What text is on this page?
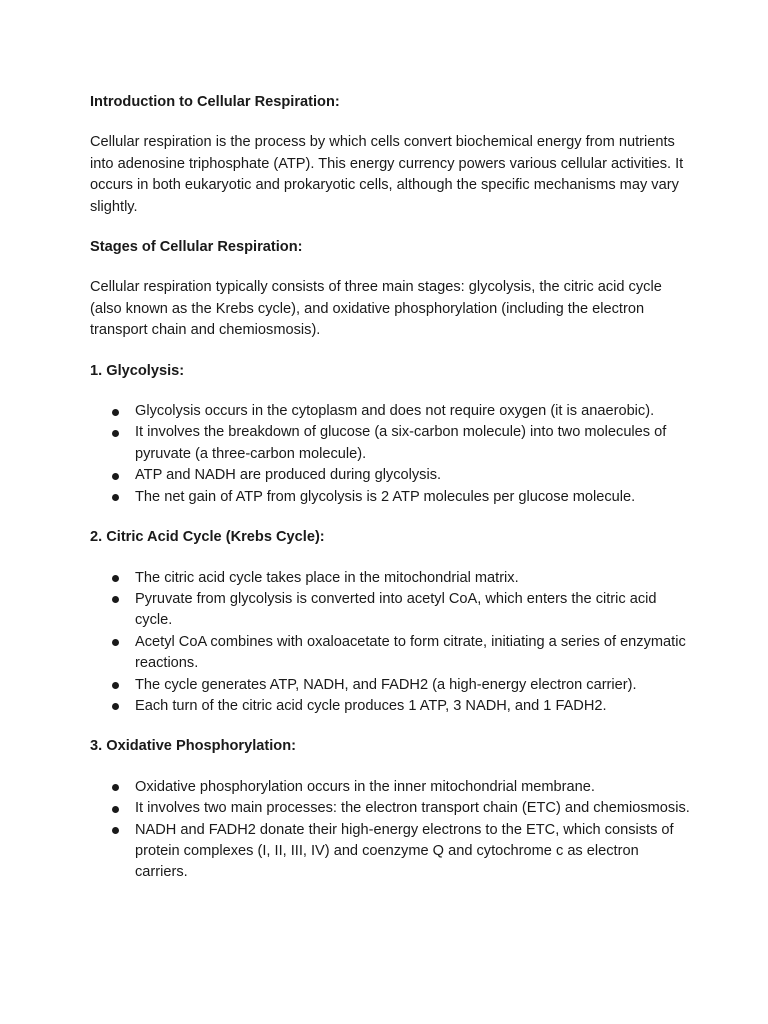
Introduction to Cellular Respiration:

Cellular respiration is the process by which cells convert biochemical energy from nutrients into adenosine triphosphate (ATP). This energy currency powers various cellular activities. It occurs in both eukaryotic and prokaryotic cells, although the specific mechanisms may vary slightly.

Stages of Cellular Respiration:

Cellular respiration typically consists of three main stages: glycolysis, the citric acid cycle (also known as the Krebs cycle), and oxidative phosphorylation (including the electron transport chain and chemiosmosis).

1. Glycolysis:

Glycolysis occurs in the cytoplasm and does not require oxygen (it is anaerobic).
It involves the breakdown of glucose (a six-carbon molecule) into two molecules of pyruvate (a three-carbon molecule).
ATP and NADH are produced during glycolysis.
The net gain of ATP from glycolysis is 2 ATP molecules per glucose molecule.

2. Citric Acid Cycle (Krebs Cycle):

The citric acid cycle takes place in the mitochondrial matrix.
Pyruvate from glycolysis is converted into acetyl CoA, which enters the citric acid cycle.
Acetyl CoA combines with oxaloacetate to form citrate, initiating a series of enzymatic reactions.
The cycle generates ATP, NADH, and FADH2 (a high-energy electron carrier).
Each turn of the citric acid cycle produces 1 ATP, 3 NADH, and 1 FADH2.

3. Oxidative Phosphorylation:

Oxidative phosphorylation occurs in the inner mitochondrial membrane.
It involves two main processes: the electron transport chain (ETC) and chemiosmosis.
NADH and FADH2 donate their high-energy electrons to the ETC, which consists of protein complexes (I, II, III, IV) and coenzyme Q and cytochrome c as electron carriers.
